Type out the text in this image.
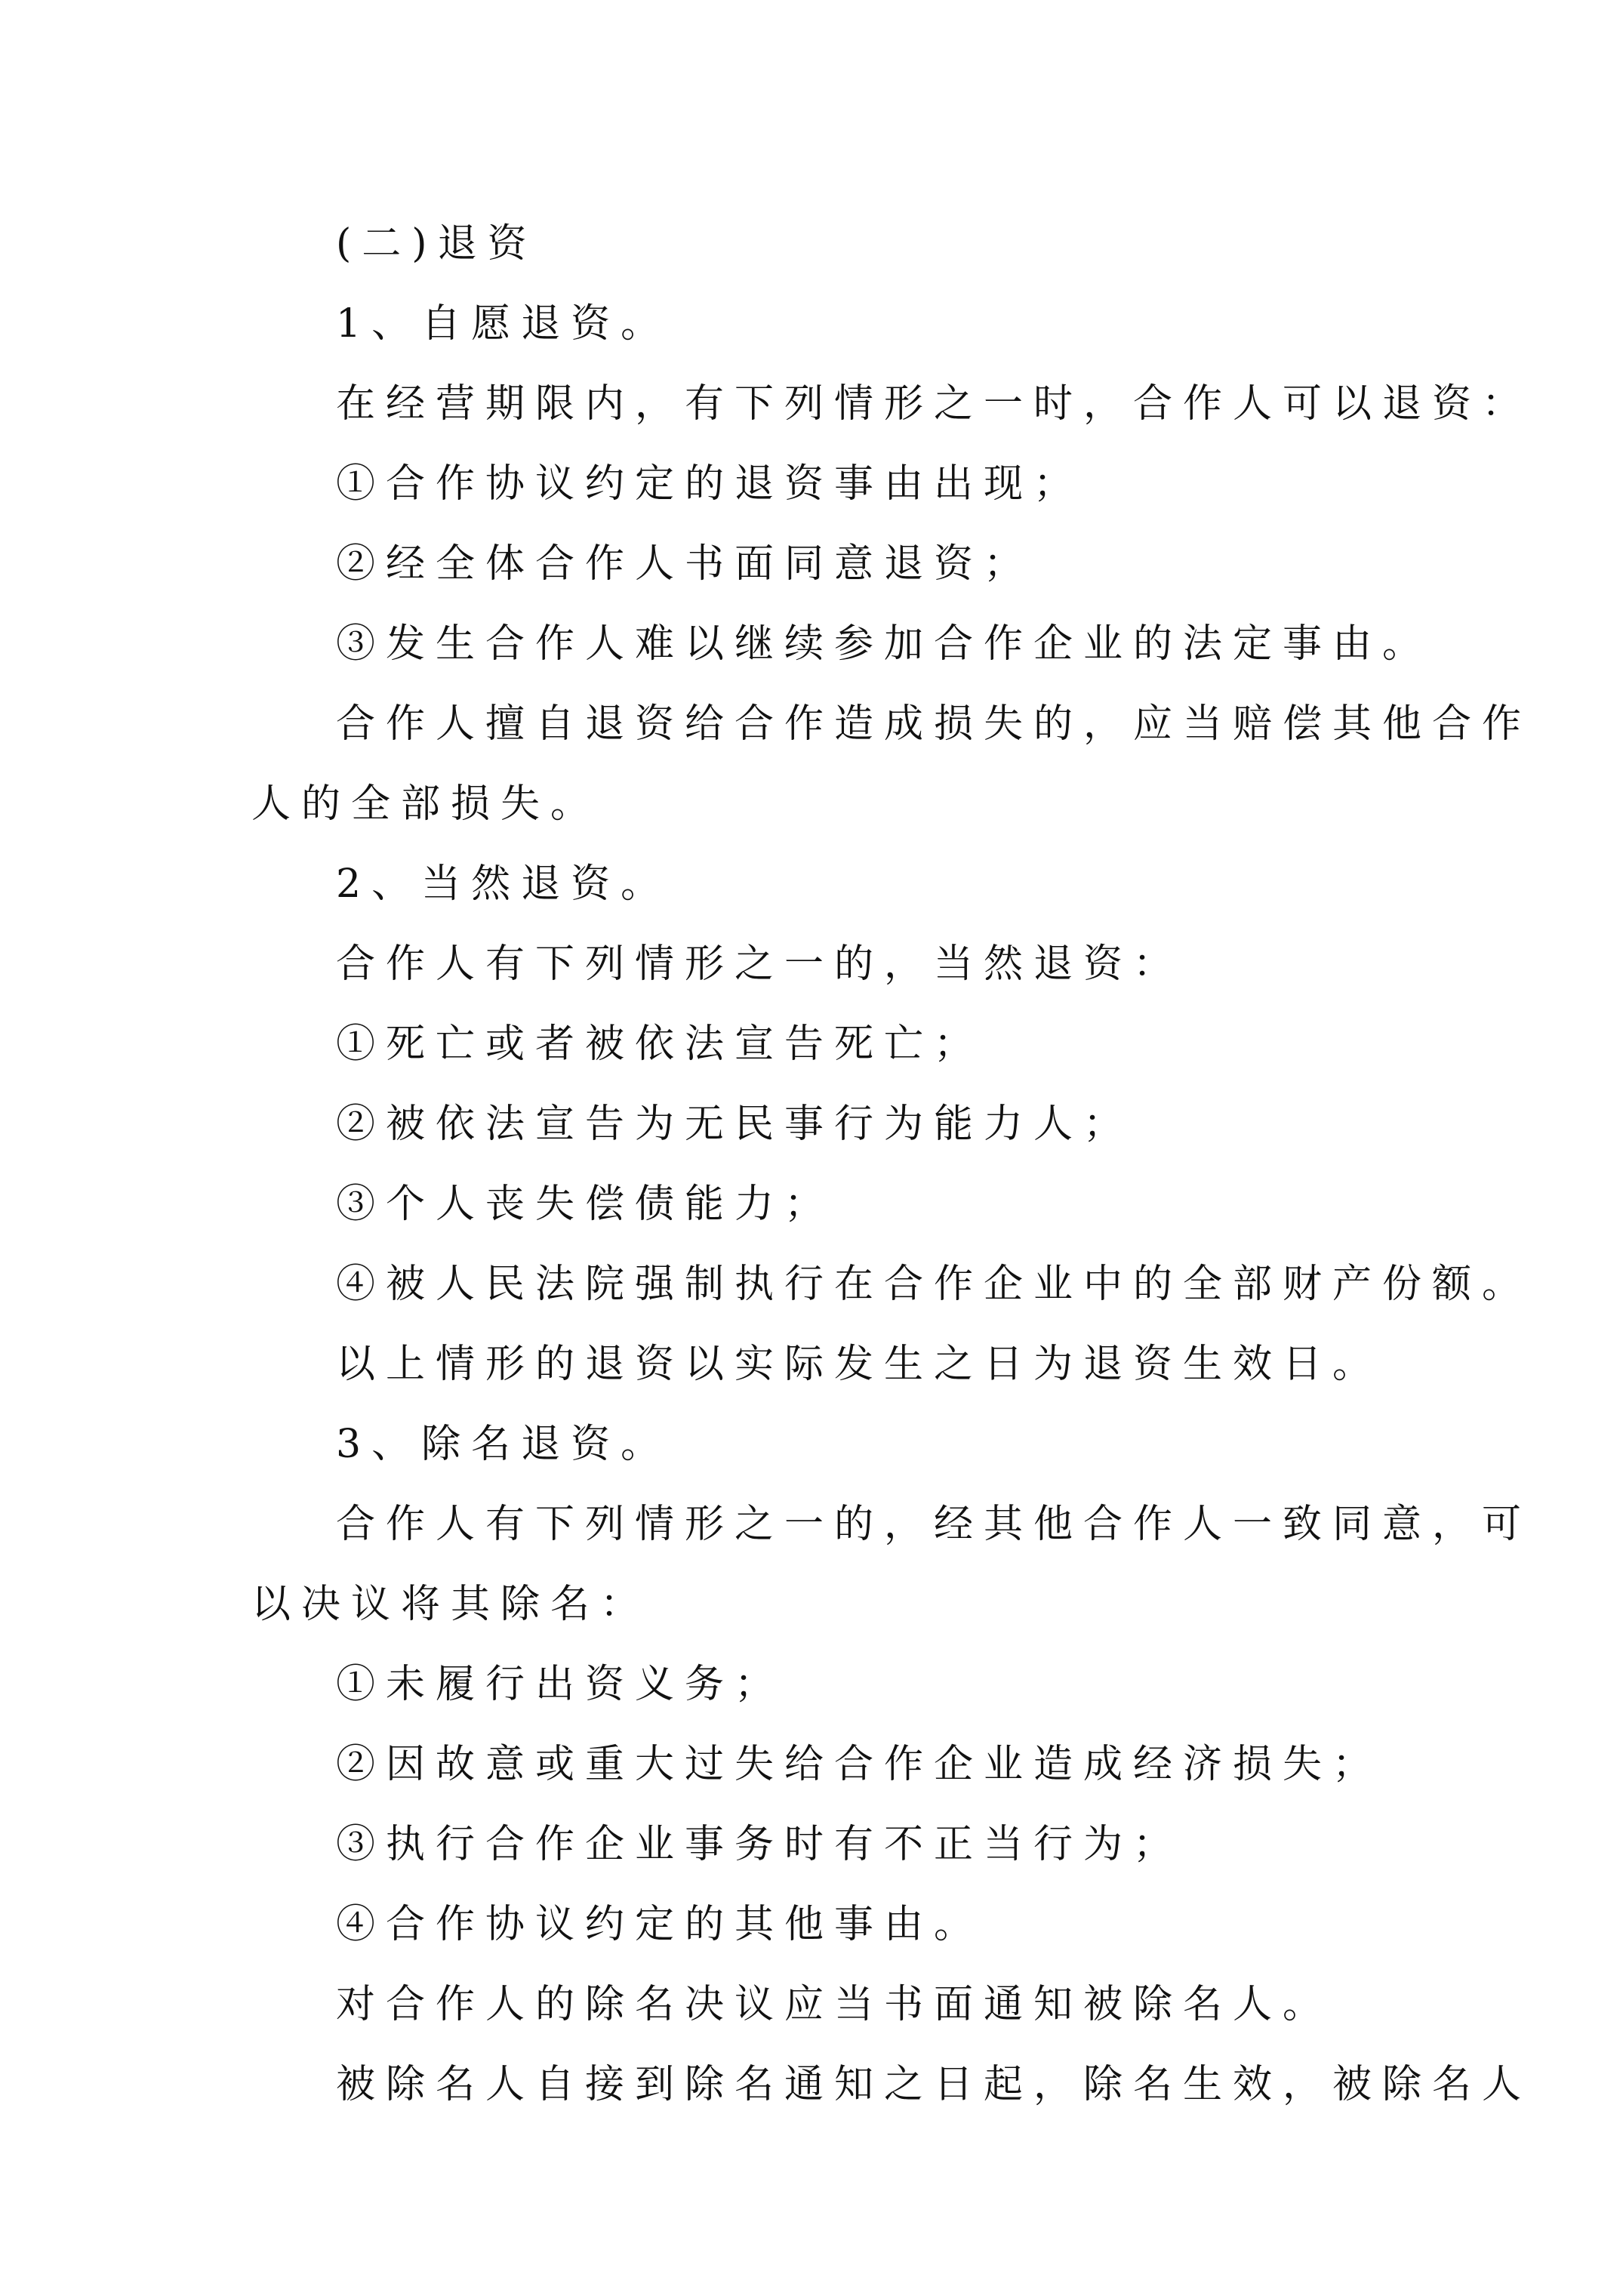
(二)退资
1、自愿退资。
在经营期限内，有下列情形之一时，合作人可以退资：
①合作协议约定的退资事由出现；
②经全体合作人书面同意退资；
③发生合作人难以继续参加合作企业的法定事由。
合作人擅自退资给合作造成损失的，应当赔偿其他合作
人的全部损失。
2、当然退资。
合作人有下列情形之一的，当然退资：
①死亡或者被依法宣告死亡；
②被依法宣告为无民事行为能力人；
③个人丧失偿债能力；
④被人民法院强制执行在合作企业中的全部财产份额。
以上情形的退资以实际发生之日为退资生效日。
3、除名退资。
合作人有下列情形之一的，经其他合作人一致同意，可
以决议将其除名：
①未履行出资义务；
②因故意或重大过失给合作企业造成经济损失；
③执行合作企业事务时有不正当行为；
④合作协议约定的其他事由。
对合作人的除名决议应当书面通知被除名人。
被除名人自接到除名通知之日起，除名生效，被除名人
